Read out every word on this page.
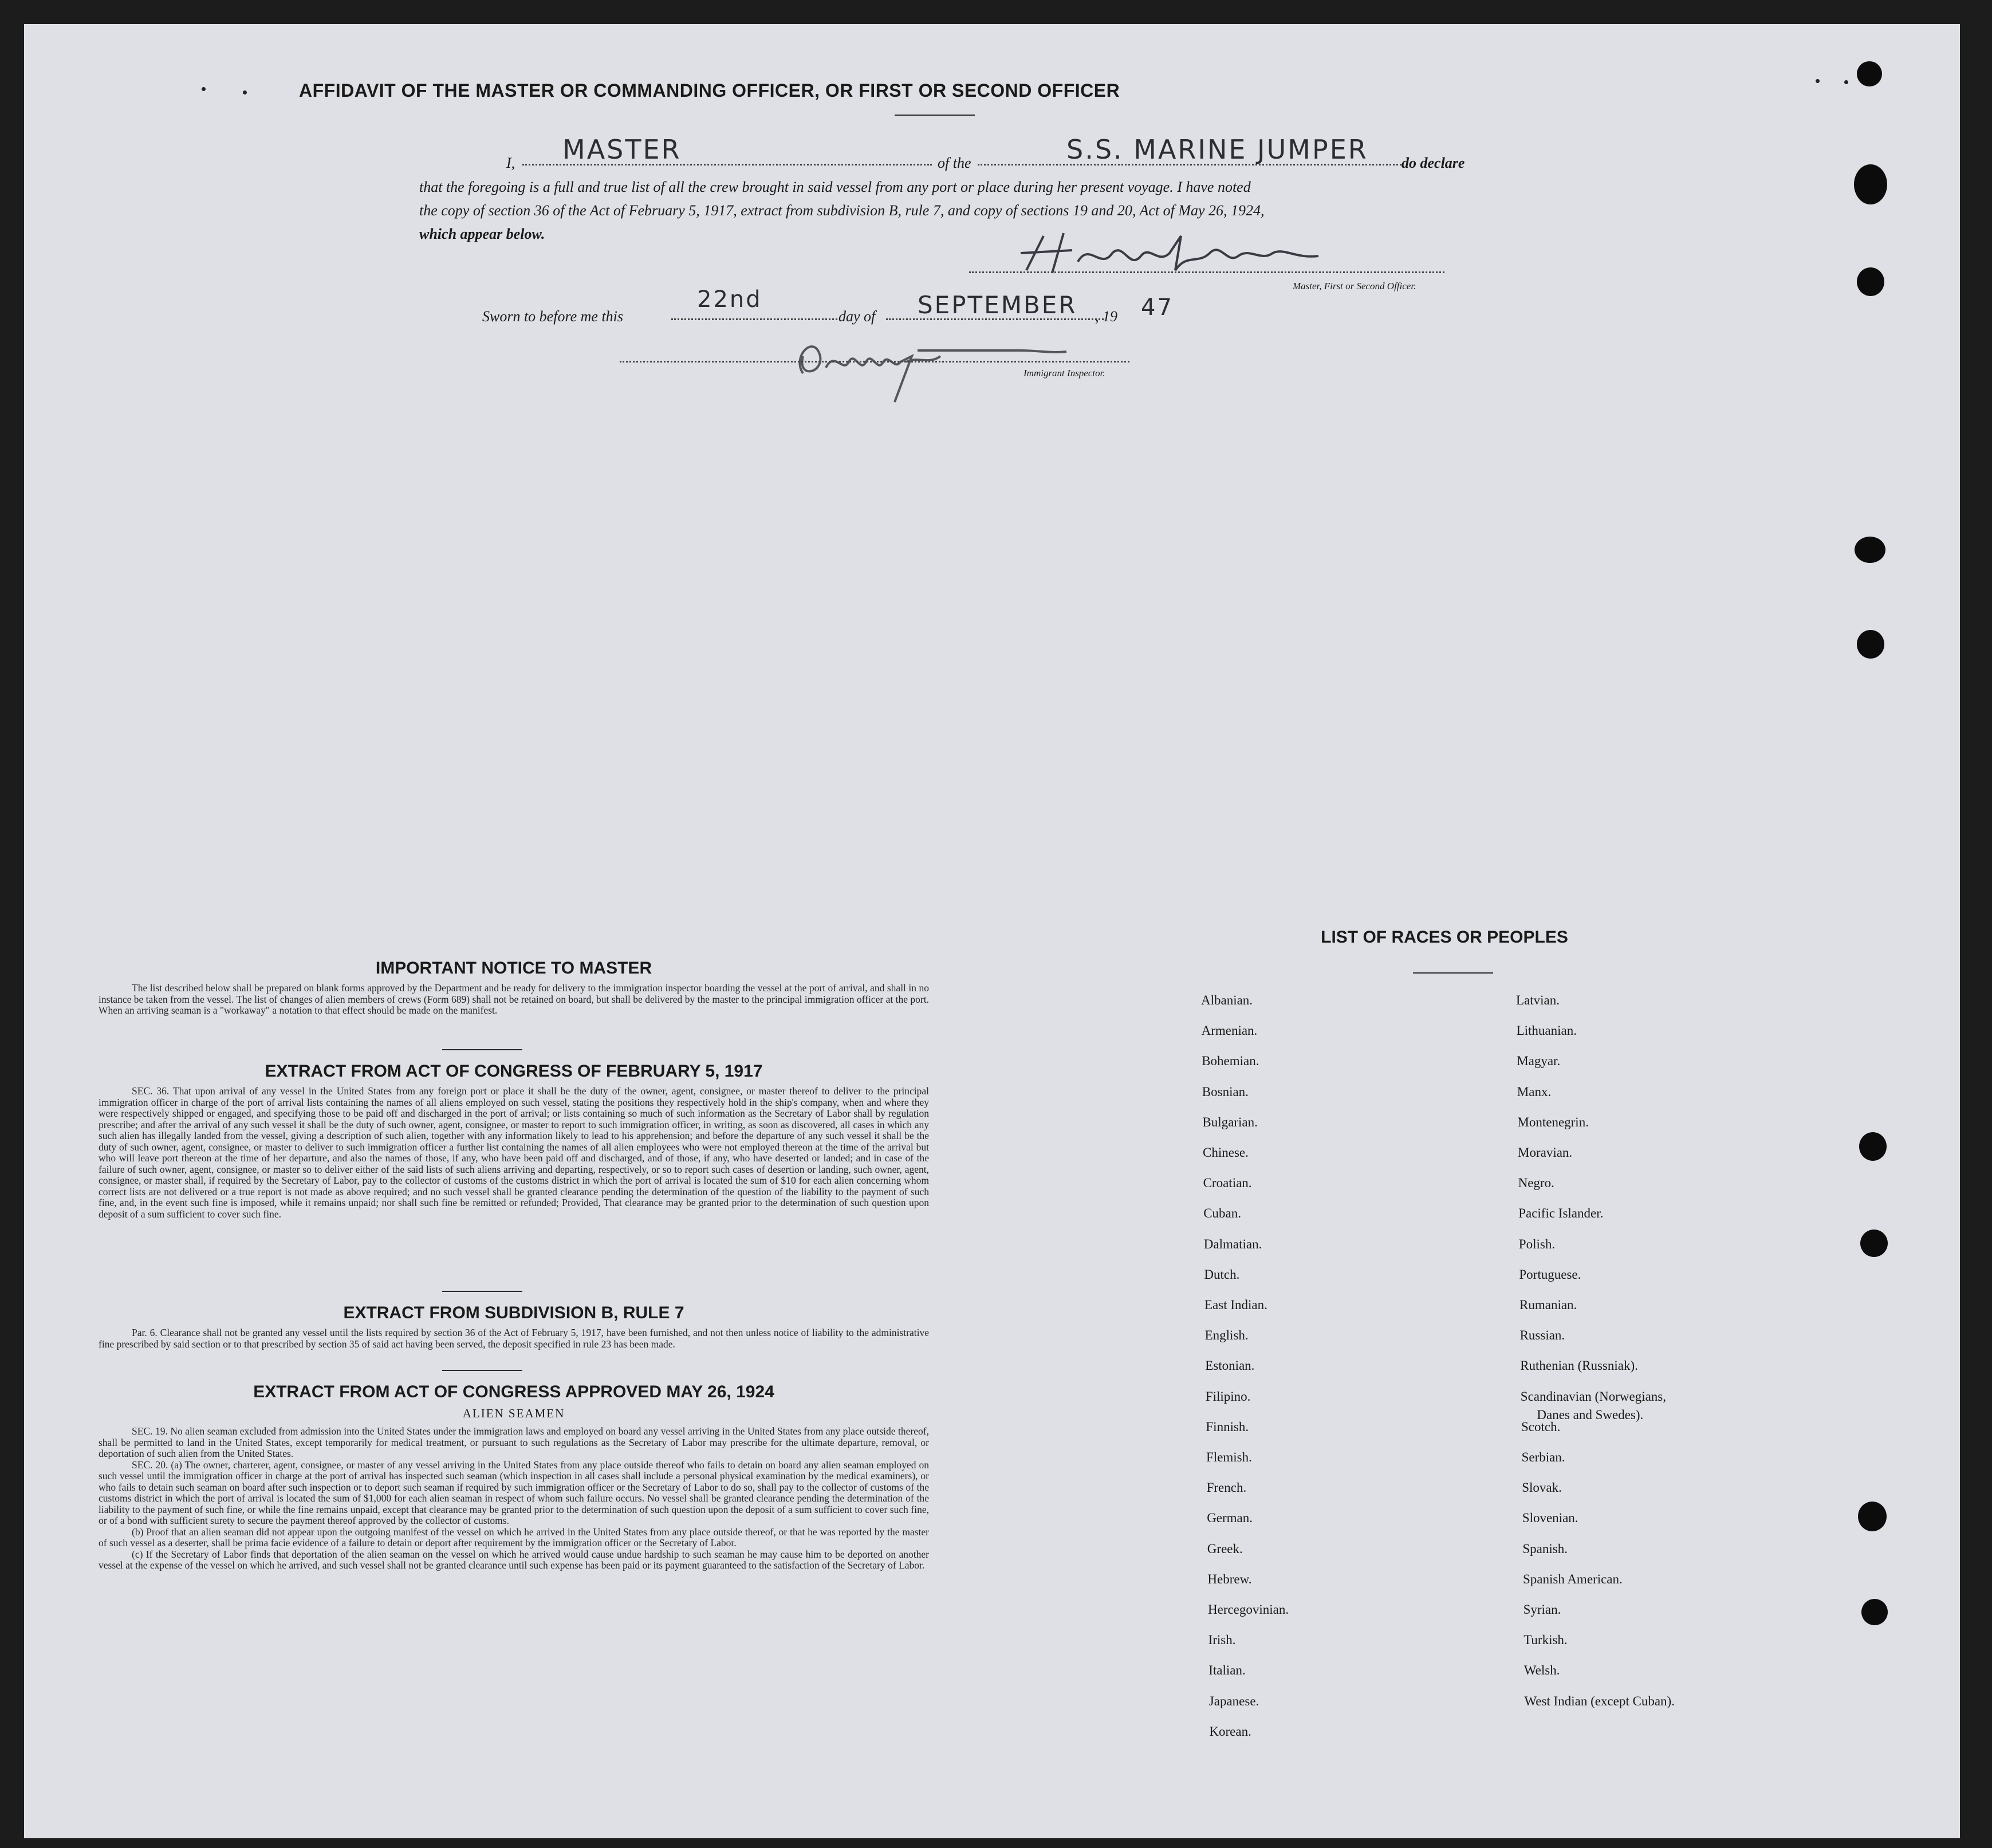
AFFIDAVIT OF THE MASTER OR COMMANDING OFFICER, OR FIRST OR SECOND OFFICER
I, MASTER	of the	S.S. MARINE JUMPER do declare
that the foregoing is a full and true list of all the crew brought in said vessel from any port or place during her present voyage. I have noted
the copy of section 36 of the Act of February 5, 1917, extract from subdivision B, rule 7, and copy of sections 19 and 20, Act of May 26, 1924,
which appear below.
Master, First or Second Officer.
Sworn to before me this
22nd
day of SEPTEMBER , 19 47
Immigrant Inspector.
IMPORTANT NOTICE TO MASTER

The list described below shall be prepared on blank forms approved by the Department and be ready for delivery to the immigration inspector boarding the vessel at the port of arrival, and shall in no instance be taken from the vessel. The list of changes of alien members of crews (Form 689) shall not be retained on board, but shall be delivered by the master to the principal immigration officer at the port. When an arriving seaman is a "workaway" a notation to that effect should be made on the manifest.

EXTRACT FROM ACT OF CONGRESS OF FEBRUARY 5, 1917

SEC. 36. That upon arrival of any vessel in the United States from any foreign port or place it shall be the duty of the owner, agent, consignee, or master thereof to deliver to the principal immigration officer in charge of the port of arrival lists containing the names of all aliens employed on such vessel, stating the positions they respectively hold in the ship's company, when and where they were respectively shipped or engaged, and specifying those to be paid off and discharged in the port of arrival; or lists containing so much of such information as the Secretary of Labor shall by regulation prescribe; and after the arrival of any such vessel it shall be the duty of such owner, agent, consignee, or master to report to such immigration officer, in writing, as soon as discovered, all cases in which any such alien has illegally landed from the vessel, giving a description of such alien, together with any information likely to lead to his apprehension; and before the departure of any such vessel it shall be the duty of such owner, agent, consignee, or master to deliver to such immigration officer a further list containing the names of all alien employees who were not employed thereon at the time of the arrival but who will leave port thereon at the time of her departure, and also the names of those, if any, who have been paid off and discharged, and of those, if any, who have deserted or landed; and in case of the failure of such owner, agent, consignee, or master so to deliver either of the said lists of such aliens arriving and departing, respectively, or so to report such cases of desertion or landing, such owner, agent, consignee, or master shall, if required by the Secretary of Labor, pay to the collector of customs of the customs district in which the port of arrival is located the sum of $10 for each alien concerning whom correct lists are not delivered or a true report is not made as above required; and no such vessel shall be granted clearance pending the determination of the question of the liability to the payment of such fine, and, in the event such fine is imposed, while it remains unpaid; nor shall such fine be remitted or refunded; Provided, That clearance may be granted prior to the determination of such question upon deposit of a sum sufficient to cover such fine.

EXTRACT FROM SUBDIVISION B, RULE 7

Par. 6. Clearance shall not be granted any vessel until the lists required by section 36 of the Act of February 5, 1917, have been furnished, and not then unless notice of liability to the administrative fine prescribed by said section or to that prescribed by section 35 of said act having been served, the deposit specified in rule 23 has been made.

EXTRACT FROM ACT OF CONGRESS APPROVED MAY 26, 1924
ALIEN SEAMEN

SEC. 19. No alien seaman excluded from admission into the United States under the immigration laws and employed on board any vessel arriving in the United States from any place outside thereof, shall be permitted to land in the United States, except temporarily for medical treatment, or pursuant to such regulations as the Secretary of Labor may prescribe for the ultimate departure, removal, or deportation of such alien from the United States.

SEC. 20. (a) The owner, charterer, agent, consignee, or master of any vessel arriving in the United States from any place outside thereof who fails to detain on board any alien seaman employed on such vessel until the immigration officer in charge at the port of arrival has inspected such seaman (which inspection in all cases shall include a personal physical examination by the medical examiners), or who fails to detain such seaman on board after such inspection or to deport such seaman if required by such immigration officer or the Secretary of Labor to do so, shall pay to the collector of customs of the customs district in which the port of arrival is located the sum of $1,000 for each alien seaman in respect of whom such failure occurs. No vessel shall be granted clearance pending the determination of the liability to the payment of such fine, or while the fine remains unpaid, except that clearance may be granted prior to the determination of such question upon the deposit of a sum sufficient to cover such fine, or of a bond with sufficient surety to secure the payment thereof approved by the collector of customs.

(b) Proof that an alien seaman did not appear upon the outgoing manifest of the vessel on which he arrived in the United States from any place outside thereof, or that he was reported by the master of such vessel as a deserter, shall be prima facie evidence of a failure to detain or deport after requirement by the immigration officer or the Secretary of Labor.

(c) If the Secretary of Labor finds that deportation of the alien seaman on the vessel on which he arrived would cause undue hardship to such seaman he may cause him to be deported on another vessel at the expense of the vessel on which he arrived, and such vessel shall not be granted clearance until such expense has been paid or its payment guaranteed to the satisfaction of the Secretary of Labor.

LIST OF RACES OR PEOPLES
Albanian.
Armenian.
Bohemian.
Bosnian.
Bulgarian.
Chinese.
Croatian.
Cuban.
Dalmatian.
Dutch.
East Indian.
English.
Estonian.
Filipino.
Finnish.
Flemish.
French.
German.
Greek.
Hebrew.
Hercegovinian.
Irish.
Italian.
Japanese.
Korean.
Latvian.
Lithuanian.
Magyar.
Manx.
Montenegrin.
Moravian.
Negro.
Pacific Islander.
Polish.
Portuguese.
Rumanian.
Russian.
Ruthenian (Russniak).
Scandinavian (Norwegians,
Danes and Swedes).
Scotch.
Serbian.
Slovak.
Slovenian.
Spanish.
Spanish American.
Syrian.
Turkish.
Welsh.
West Indian (except Cuban).
